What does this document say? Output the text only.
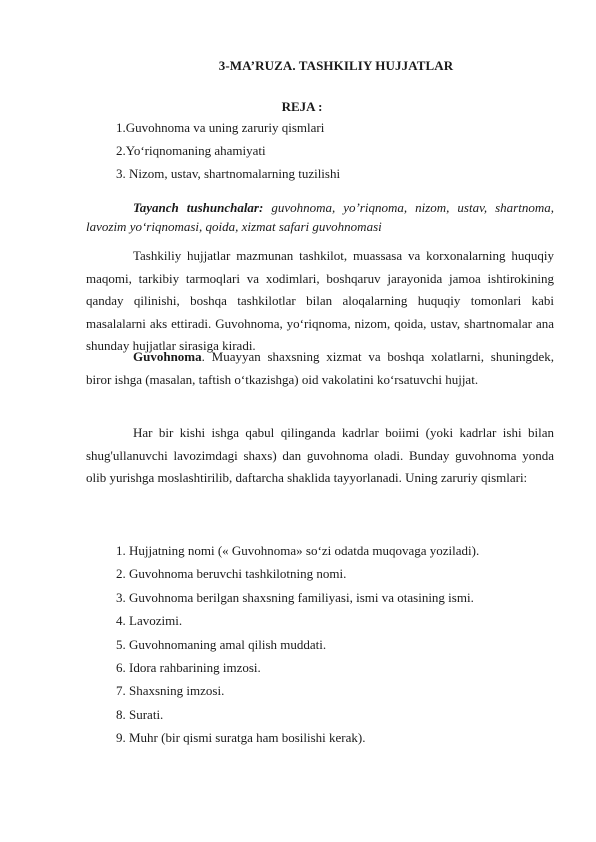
3-MA’RUZA. TASHKILIY HUJJATLAR
REJA :
1.Guvohnoma va uning zaruriy qismlari
2.Yo‘riqnomaning ahamiyati
3. Nizom, ustav, shartnomalarning tuzilishi

Tayanch tushunchalar: guvohnoma, yo’riqnoma, nizom, ustav, shartnoma, lavozim yo‘riqnomasi, qoida, xizmat safari guvohnomasi

Tashkiliy hujjatlar mazmunan tashkilot, muassasa va korxonalarning huquqiy maqomi, tarkibiy tarmoqlari va xodimlari, boshqaruv jarayonida jamoa ishtirokining qanday qilinishi, boshqa tashkilotlar bilan aloqalarning huquqiy tomonlari kabi masalalarni aks ettiradi. Guvohnoma, yo‘riqnoma, nizom, qoida, ustav, shartnomalar ana shunday hujjatlar sirasiga kiradi.

Guvohnoma. Muayyan shaxsning xizmat va boshqa xolatlarni, shuningdek, biror ishga (masalan, taftish o‘tkazishga) oid vakolatini ko‘rsatuvchi hujjat.

Har bir kishi ishga qabul qilinganda kadrlar boiimi (yoki kadrlar ishi bilan shug'ullanuvchi lavozimdagi shaxs) dan guvohnoma oladi. Bunday guvohnoma yonda olib yurishga moslashtirilib, daftarcha shaklida tayyorlanadi. Uning zaruriy qismlari:

1. Hujjatning nomi (« Guvohnoma» so‘zi odatda muqovaga yoziladi).
2. Guvohnoma beruvchi tashkilotning nomi.
3. Guvohnoma berilgan shaxsning familiyasi, ismi va otasining ismi.
4. Lavozimi.
5. Guvohnomaning amal qilish muddati.
6. Idora rahbarining imzosi.
7. Shaxsning imzosi.
8. Surati.
9. Muhr (bir qismi suratga ham bosilishi kerak).
